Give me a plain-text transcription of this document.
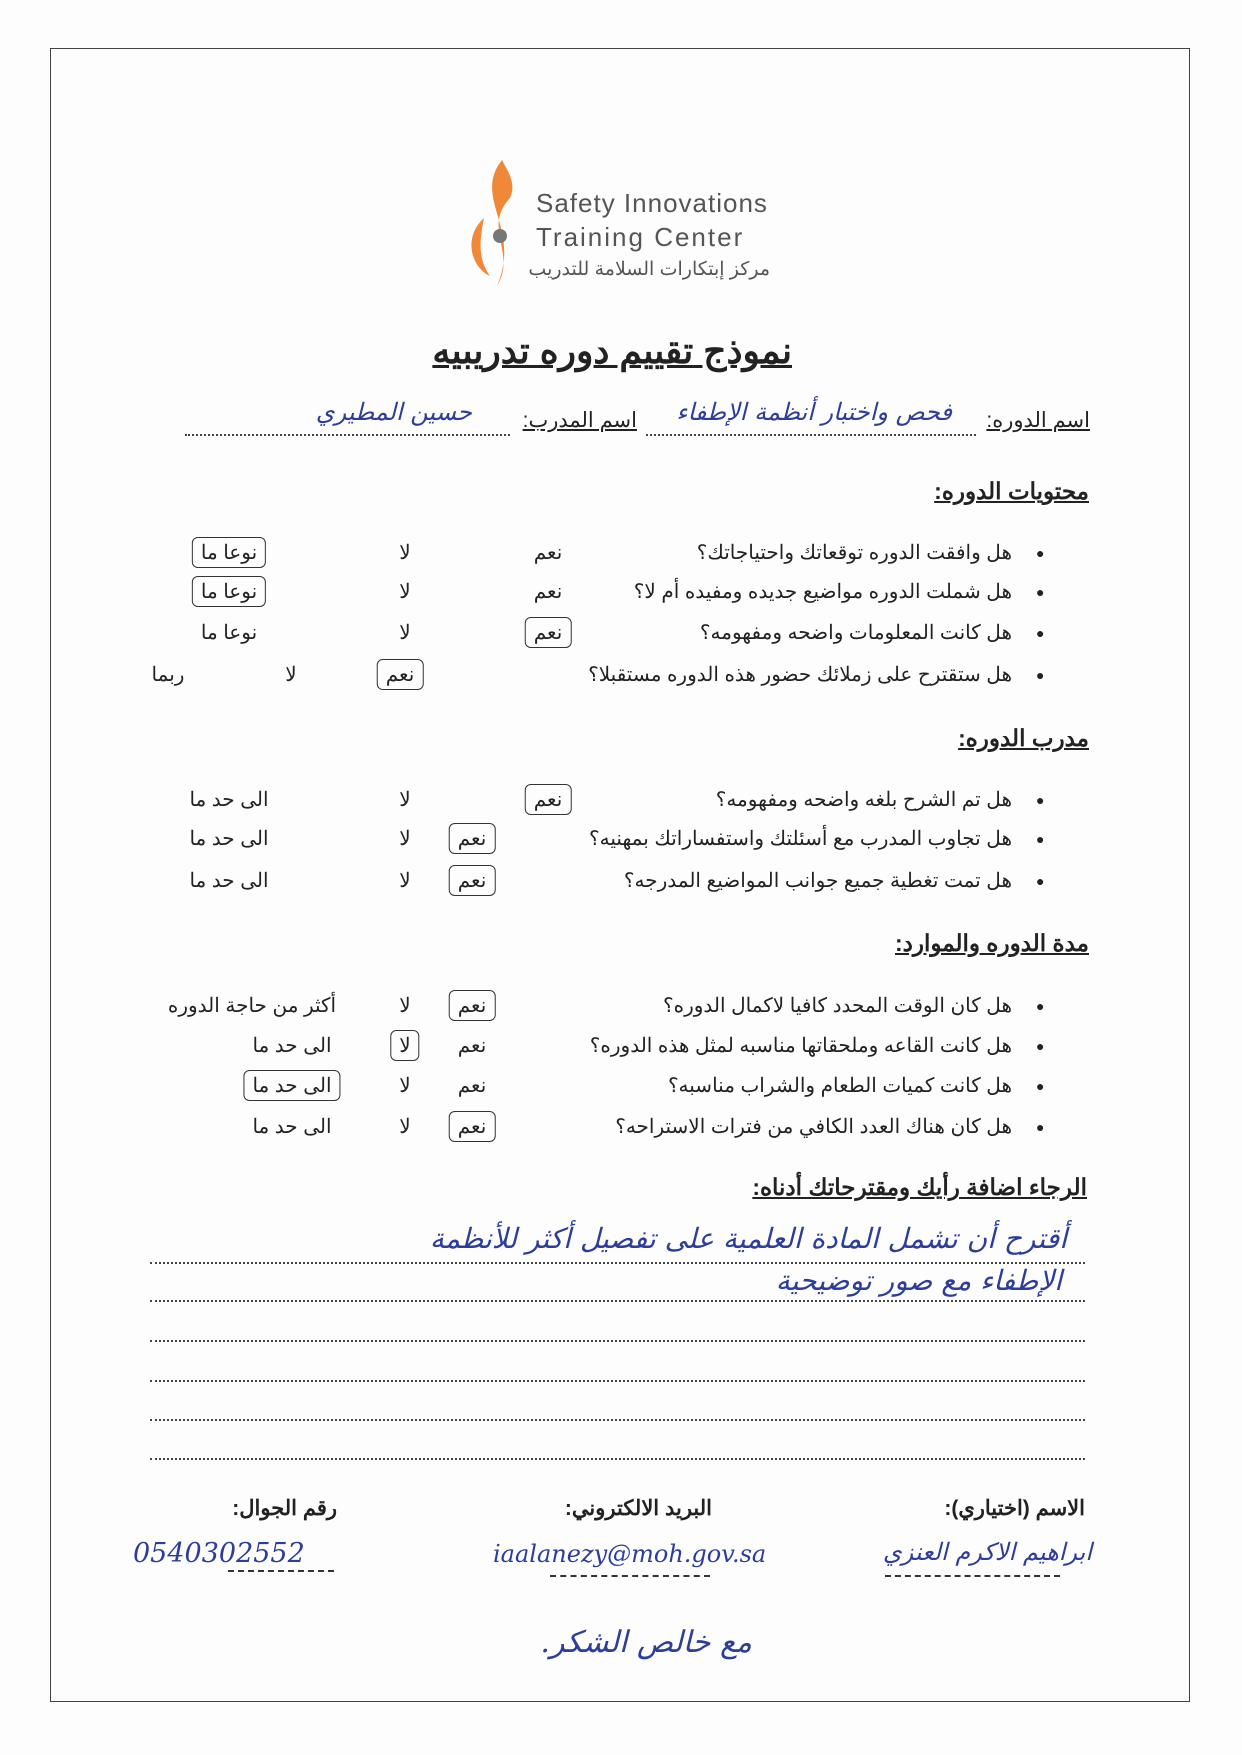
Safety Innovations
Training Center
مركز إبتكارات السلامة للتدريب
نموذج تقييم دوره تدريبيه
اسم الدوره:
فحص واختبار أنظمة الإطفاء
اسم المدرب:
حسين المطيري
محتويات الدوره:
●
هل وافقت الدوره توقعاتك واحتياجاتك؟
نعم
لا
نوعا ما
●
هل شملت الدوره مواضيع جديده ومفيده أم لا؟
نعم
لا
نوعا ما
●
هل كانت المعلومات واضحه ومفهومه؟
نعم
لا
نوعا ما
●
هل ستقترح على زملائك حضور هذه الدوره مستقبلا؟
نعم
لا
ربما
مدرب الدوره:
●
هل تم الشرح بلغه واضحه ومفهومه؟
نعم
لا
الى حد ما
●
هل تجاوب المدرب مع أسئلتك واستفساراتك بمهنيه؟
نعم
لا
الى حد ما
●
هل تمت تغطية جميع جوانب المواضيع المدرجه؟
نعم
لا
الى حد ما
مدة الدوره والموارد:
●
هل كان الوقت المحدد كافيا لاكمال الدوره؟
نعم
لا
أكثر من حاجة الدوره
●
هل كانت القاعه وملحقاتها مناسبه لمثل هذه الدوره؟
نعم
لا
الى حد ما
●
هل كانت كميات الطعام والشراب مناسبه؟
نعم
لا
الى حد ما
●
هل كان هناك العدد الكافي من فترات الاستراحه؟
نعم
لا
الى حد ما
الرجاء اضافة رأيك ومقترحاتك أدناه:
أقترح أن تشمل المادة العلمية على تفصيل أكثر للأنظمة
الإطفاء مع صور توضيحية
الاسم (اختياري):
البريد الالكتروني:
رقم الجوال:
ابراهيم الاكرم العنزي
iaalanezy@moh.gov.sa
0540302552
مع خالص الشكر.
